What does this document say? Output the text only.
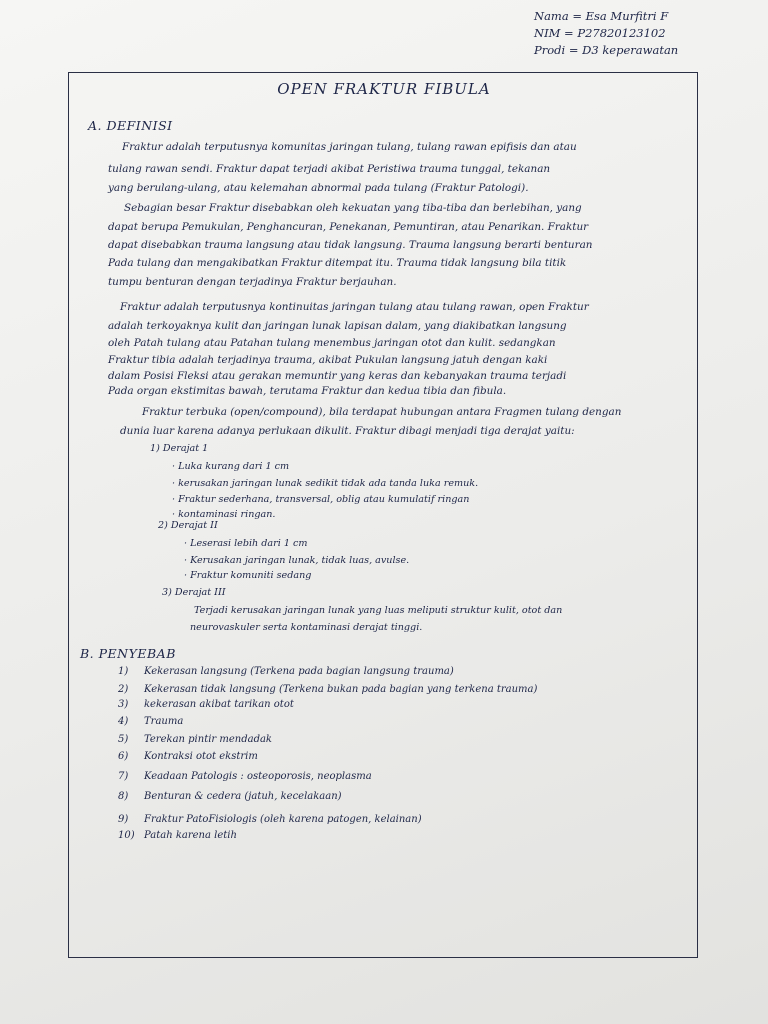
Nama = Esa Murfitri F
NIM = P27820123102
Prodi = D3 keperawatan
OPEN FRAKTUR FIBULA
A. DEFINISI
Fraktur adalah terputusnya komunitas jaringan tulang, tulang rawan epifisis dan atau
tulang rawan sendi. Fraktur dapat terjadi akibat Peristiwa trauma tunggal, tekanan
yang berulang-ulang, atau kelemahan abnormal pada tulang (Fraktur Patologi).
Sebagian besar Fraktur disebabkan oleh kekuatan yang tiba-tiba dan berlebihan, yang
dapat berupa Pemukulan, Penghancuran, Penekanan, Pemuntiran, atau Penarikan. Fraktur
dapat disebabkan trauma langsung atau tidak langsung. Trauma langsung berarti benturan
Pada tulang dan mengakibatkan Fraktur ditempat itu. Trauma tidak langsung bila titik
tumpu benturan dengan terjadinya Fraktur berjauhan.
Fraktur adalah terputusnya kontinuitas jaringan tulang atau tulang rawan, open Fraktur
adalah terkoyaknya kulit dan jaringan lunak lapisan dalam, yang diakibatkan langsung
oleh Patah tulang atau Patahan tulang menembus jaringan otot dan kulit. sedangkan
Fraktur tibia adalah terjadinya trauma, akibat Pukulan langsung jatuh dengan kaki
dalam Posisi Fleksi atau gerakan memuntir yang keras dan kebanyakan trauma terjadi
Pada organ ekstimitas bawah, terutama Fraktur dan kedua tibia dan fibula.
Fraktur terbuka (open/compound), bila terdapat hubungan antara Fragmen tulang dengan
dunia luar karena adanya perlukaan dikulit. Fraktur dibagi menjadi tiga derajat yaitu:
1) Derajat 1
· Luka kurang dari 1 cm
· kerusakan jaringan lunak sedikit tidak ada tanda luka remuk.
· Fraktur sederhana, transversal, oblig atau kumulatif ringan
· kontaminasi ringan.
2) Derajat II
· Leserasi lebih dari 1 cm
· Kerusakan jaringan lunak, tidak luas, avulse.
· Fraktur komuniti sedang
3) Derajat III
Terjadi kerusakan jaringan lunak yang luas meliputi struktur kulit, otot dan
neurovaskuler serta kontaminasi derajat tinggi.
B. PENYEBAB
1) Kekerasan langsung (Terkena pada bagian langsung trauma)
2) Kekerasan tidak langsung (Terkena bukan pada bagian yang terkena trauma)
3) kekerasan akibat tarikan otot
4) Trauma
5) Terekan pintir mendadak
6) Kontraksi otot ekstrim
7) Keadaan Patologis : osteoporosis, neoplasma
8) Benturan & cedera (jatuh, kecelakaan)
9) Fraktur PatoFisiologis (oleh karena patogen, kelainan)
10) Patah karena letih
